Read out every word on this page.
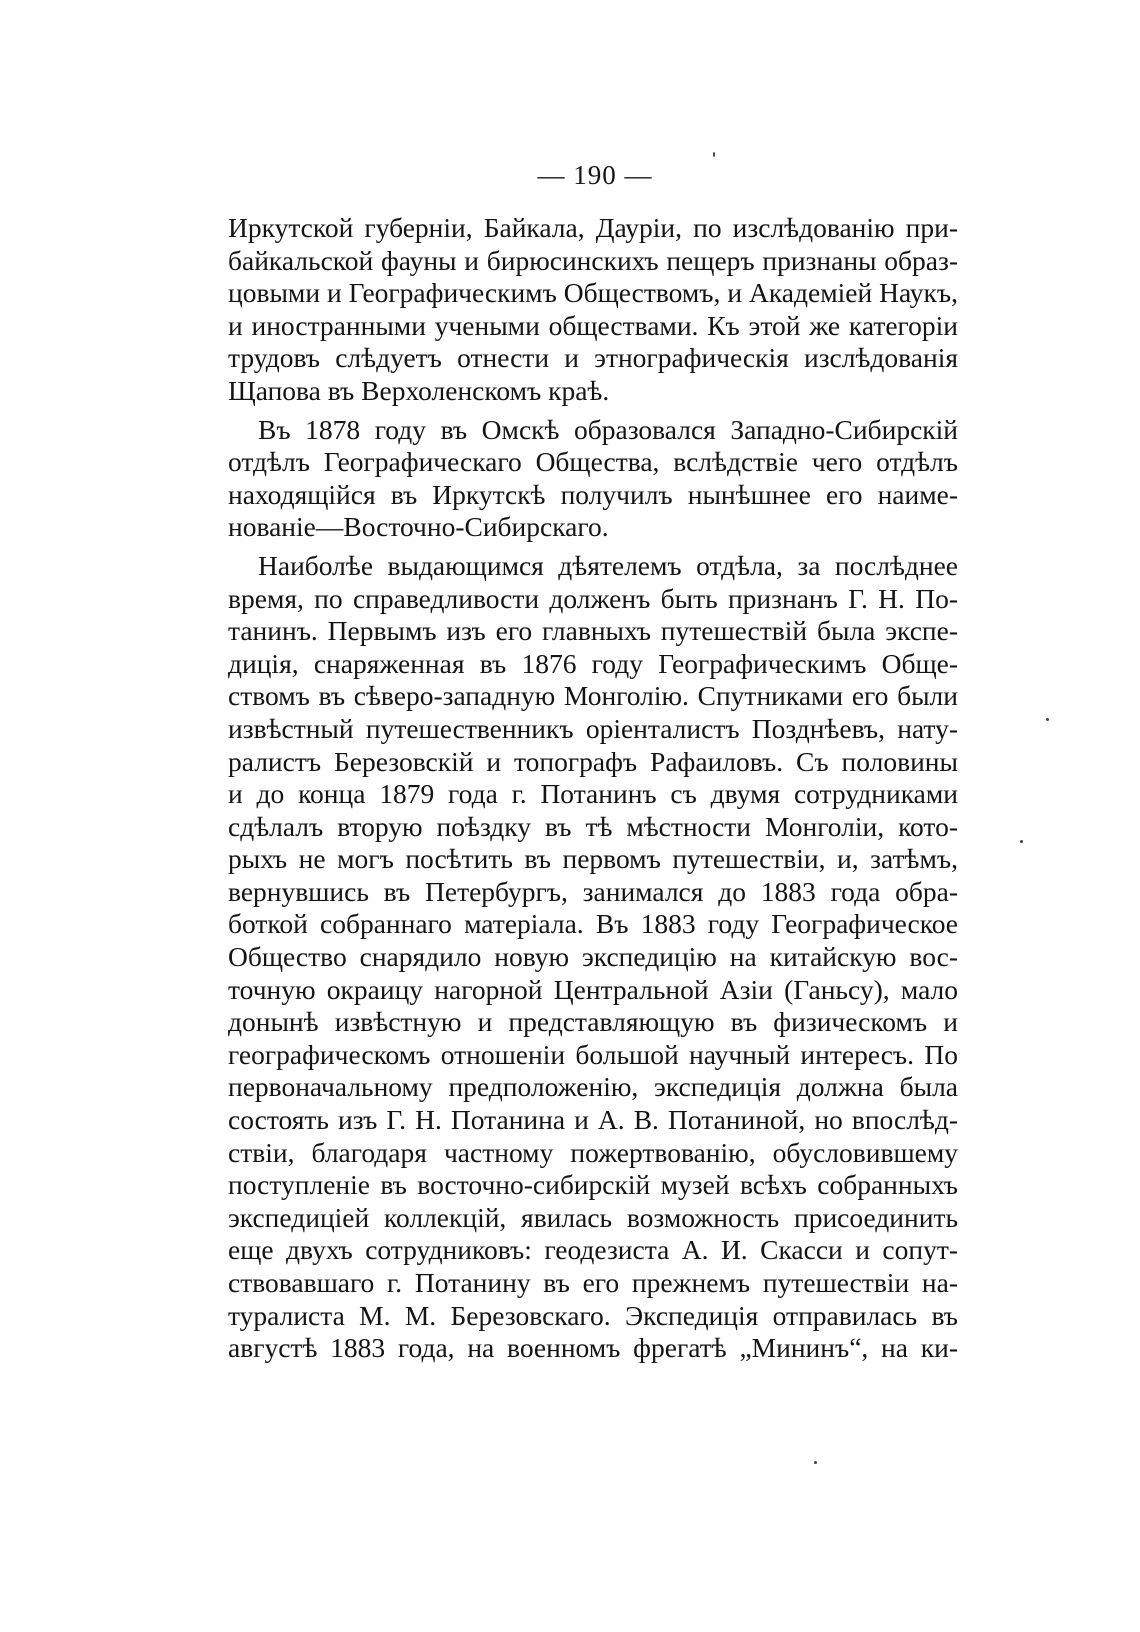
— 190 —
Иркутской губерніи, Байкала, Дауріи, по изслѣдованію при-
байкальской фауны и бирюсинскихъ пещеръ признаны образ-
цовыми и Географическимъ Обществомъ, и Академіей Наукъ,
и иностранными учеными обществами. Къ этой же категоріи
трудовъ слѣдуетъ отнести и этнографическія изслѣдованія
Щапова въ Верхоленскомъ краѣ.
Въ 1878 году въ Омскѣ образовался Западно-Сибирскій
отдѣлъ Географическаго Общества, вслѣдствіе чего отдѣлъ
находящійся въ Иркутскѣ получилъ нынѣшнее его наиме-
нованіе—Восточно-Сибирскаго.
Наиболѣе выдающимся дѣятелемъ отдѣла, за послѣднее
время, по справедливости долженъ быть признанъ Г. Н. По-
танинъ. Первымъ изъ его главныхъ путешествій была экспе-
диція, снаряженная въ 1876 году Географическимъ Обще-
ствомъ въ сѣверо-западную Монголію. Спутниками его были
извѣстный путешественникъ оріенталистъ Позднѣевъ, нату-
ралистъ Березовскій и топографъ Рафаиловъ. Съ половины
и до конца 1879 года г. Потанинъ съ двумя сотрудниками
сдѣлалъ вторую поѣздку въ тѣ мѣстности Монголіи, кото-
рыхъ не могъ посѣтить въ первомъ путешествіи, и, затѣмъ,
вернувшись въ Петербургъ, занимался до 1883 года обра-
боткой собраннаго матеріала. Въ 1883 году Географическое
Общество снарядило новую экспедицію на китайскую вос-
точную окраицу нагорной Центральной Азіи (Ганьсу), мало
донынѣ извѣстную и представляющую въ физическомъ и
географическомъ отношеніи большой научный интересъ. По
первоначальному предположенію, экспедиція должна была
состоять изъ Г. Н. Потанина и А. В. Потаниной, но впослѣд-
ствіи, благодаря частному пожертвованію, обусловившему
поступленіе въ восточно-сибирскій музей всѣхъ собранныхъ
экспедиціей коллекцій, явилась возможность присоединить
еще двухъ сотрудниковъ: геодезиста А. И. Скасси и сопут-
ствовавшаго г. Потанину въ его прежнемъ путешествіи на-
туралиста М. М. Березовскаго. Экспедиція отправилась въ
августѣ 1883 года, на военномъ фрегатѣ „Mининъ“, на ки-
